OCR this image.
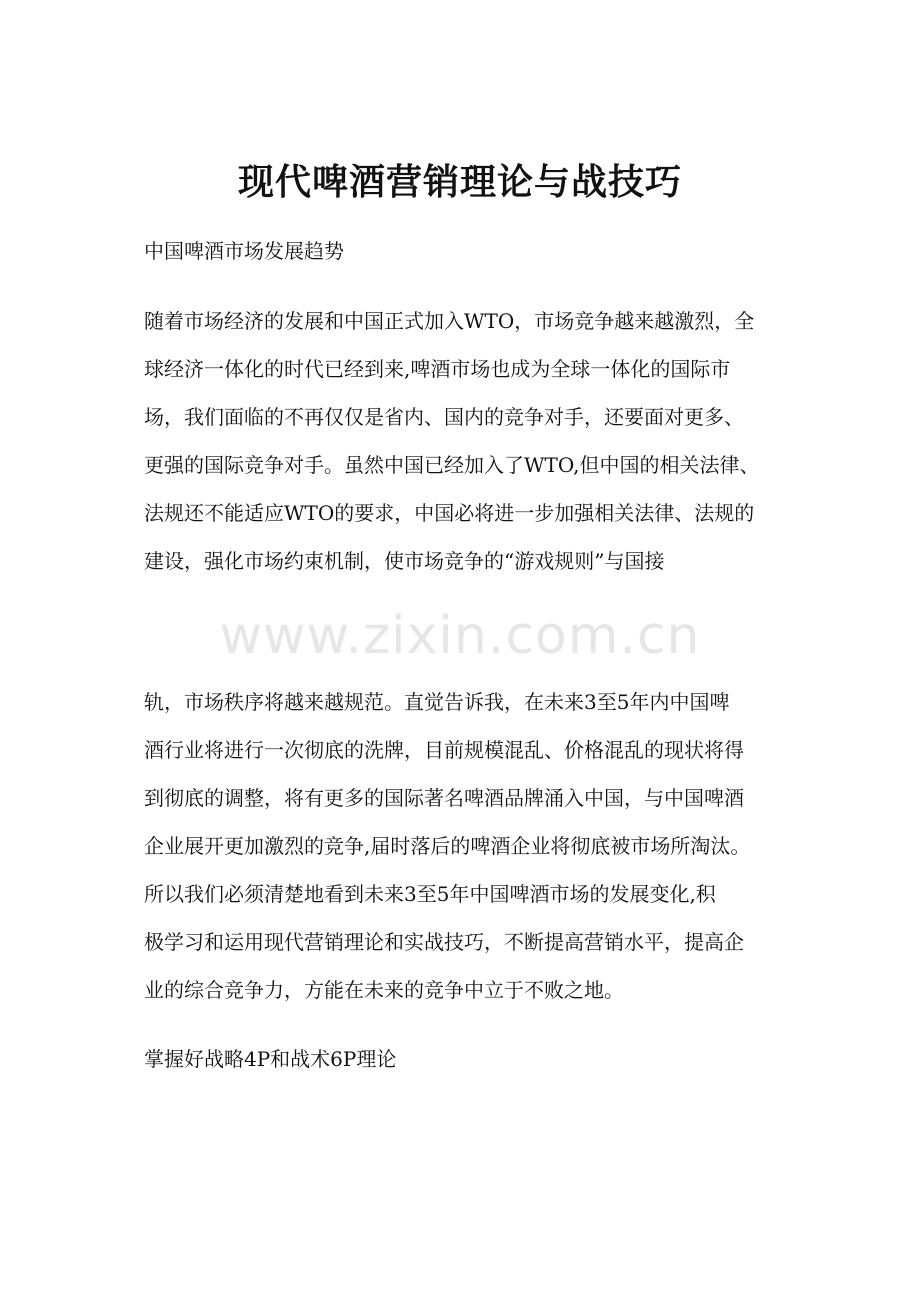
现代啤酒营销理论与战技巧

中国啤酒市场发展趋势

随着市场经济的发展和中国正式加入WTO，市场竞争越来越激烈，全

球经济一体化的时代已经到来,啤酒市场也成为全球一体化的国际市

场，我们面临的不再仅仅是省内、国内的竞争对手，还要面对更多、

更强的国际竞争对手。虽然中国已经加入了WTO,但中国的相关法律、

法规还不能适应WTO的要求，中国必将进一步加强相关法律、法规的

建设，强化市场约束机制，使市场竞争的“游戏规则”与国接

www.zixin.com.cn

轨，市场秩序将越来越规范。直觉告诉我，在未来3至5年内中国啤

酒行业将进行一次彻底的洗牌，目前规模混乱、价格混乱的现状将得

到彻底的调整，将有更多的国际著名啤酒品牌涌入中国，与中国啤酒

企业展开更加激烈的竞争,届时落后的啤酒企业将彻底被市场所淘汰。

所以我们必须清楚地看到未来3至5年中国啤酒市场的发展变化,积

极学习和运用现代营销理论和实战技巧，不断提高营销水平，提高企

业的综合竞争力，方能在未来的竞争中立于不败之地。

掌握好战略4P和战术6P理论
